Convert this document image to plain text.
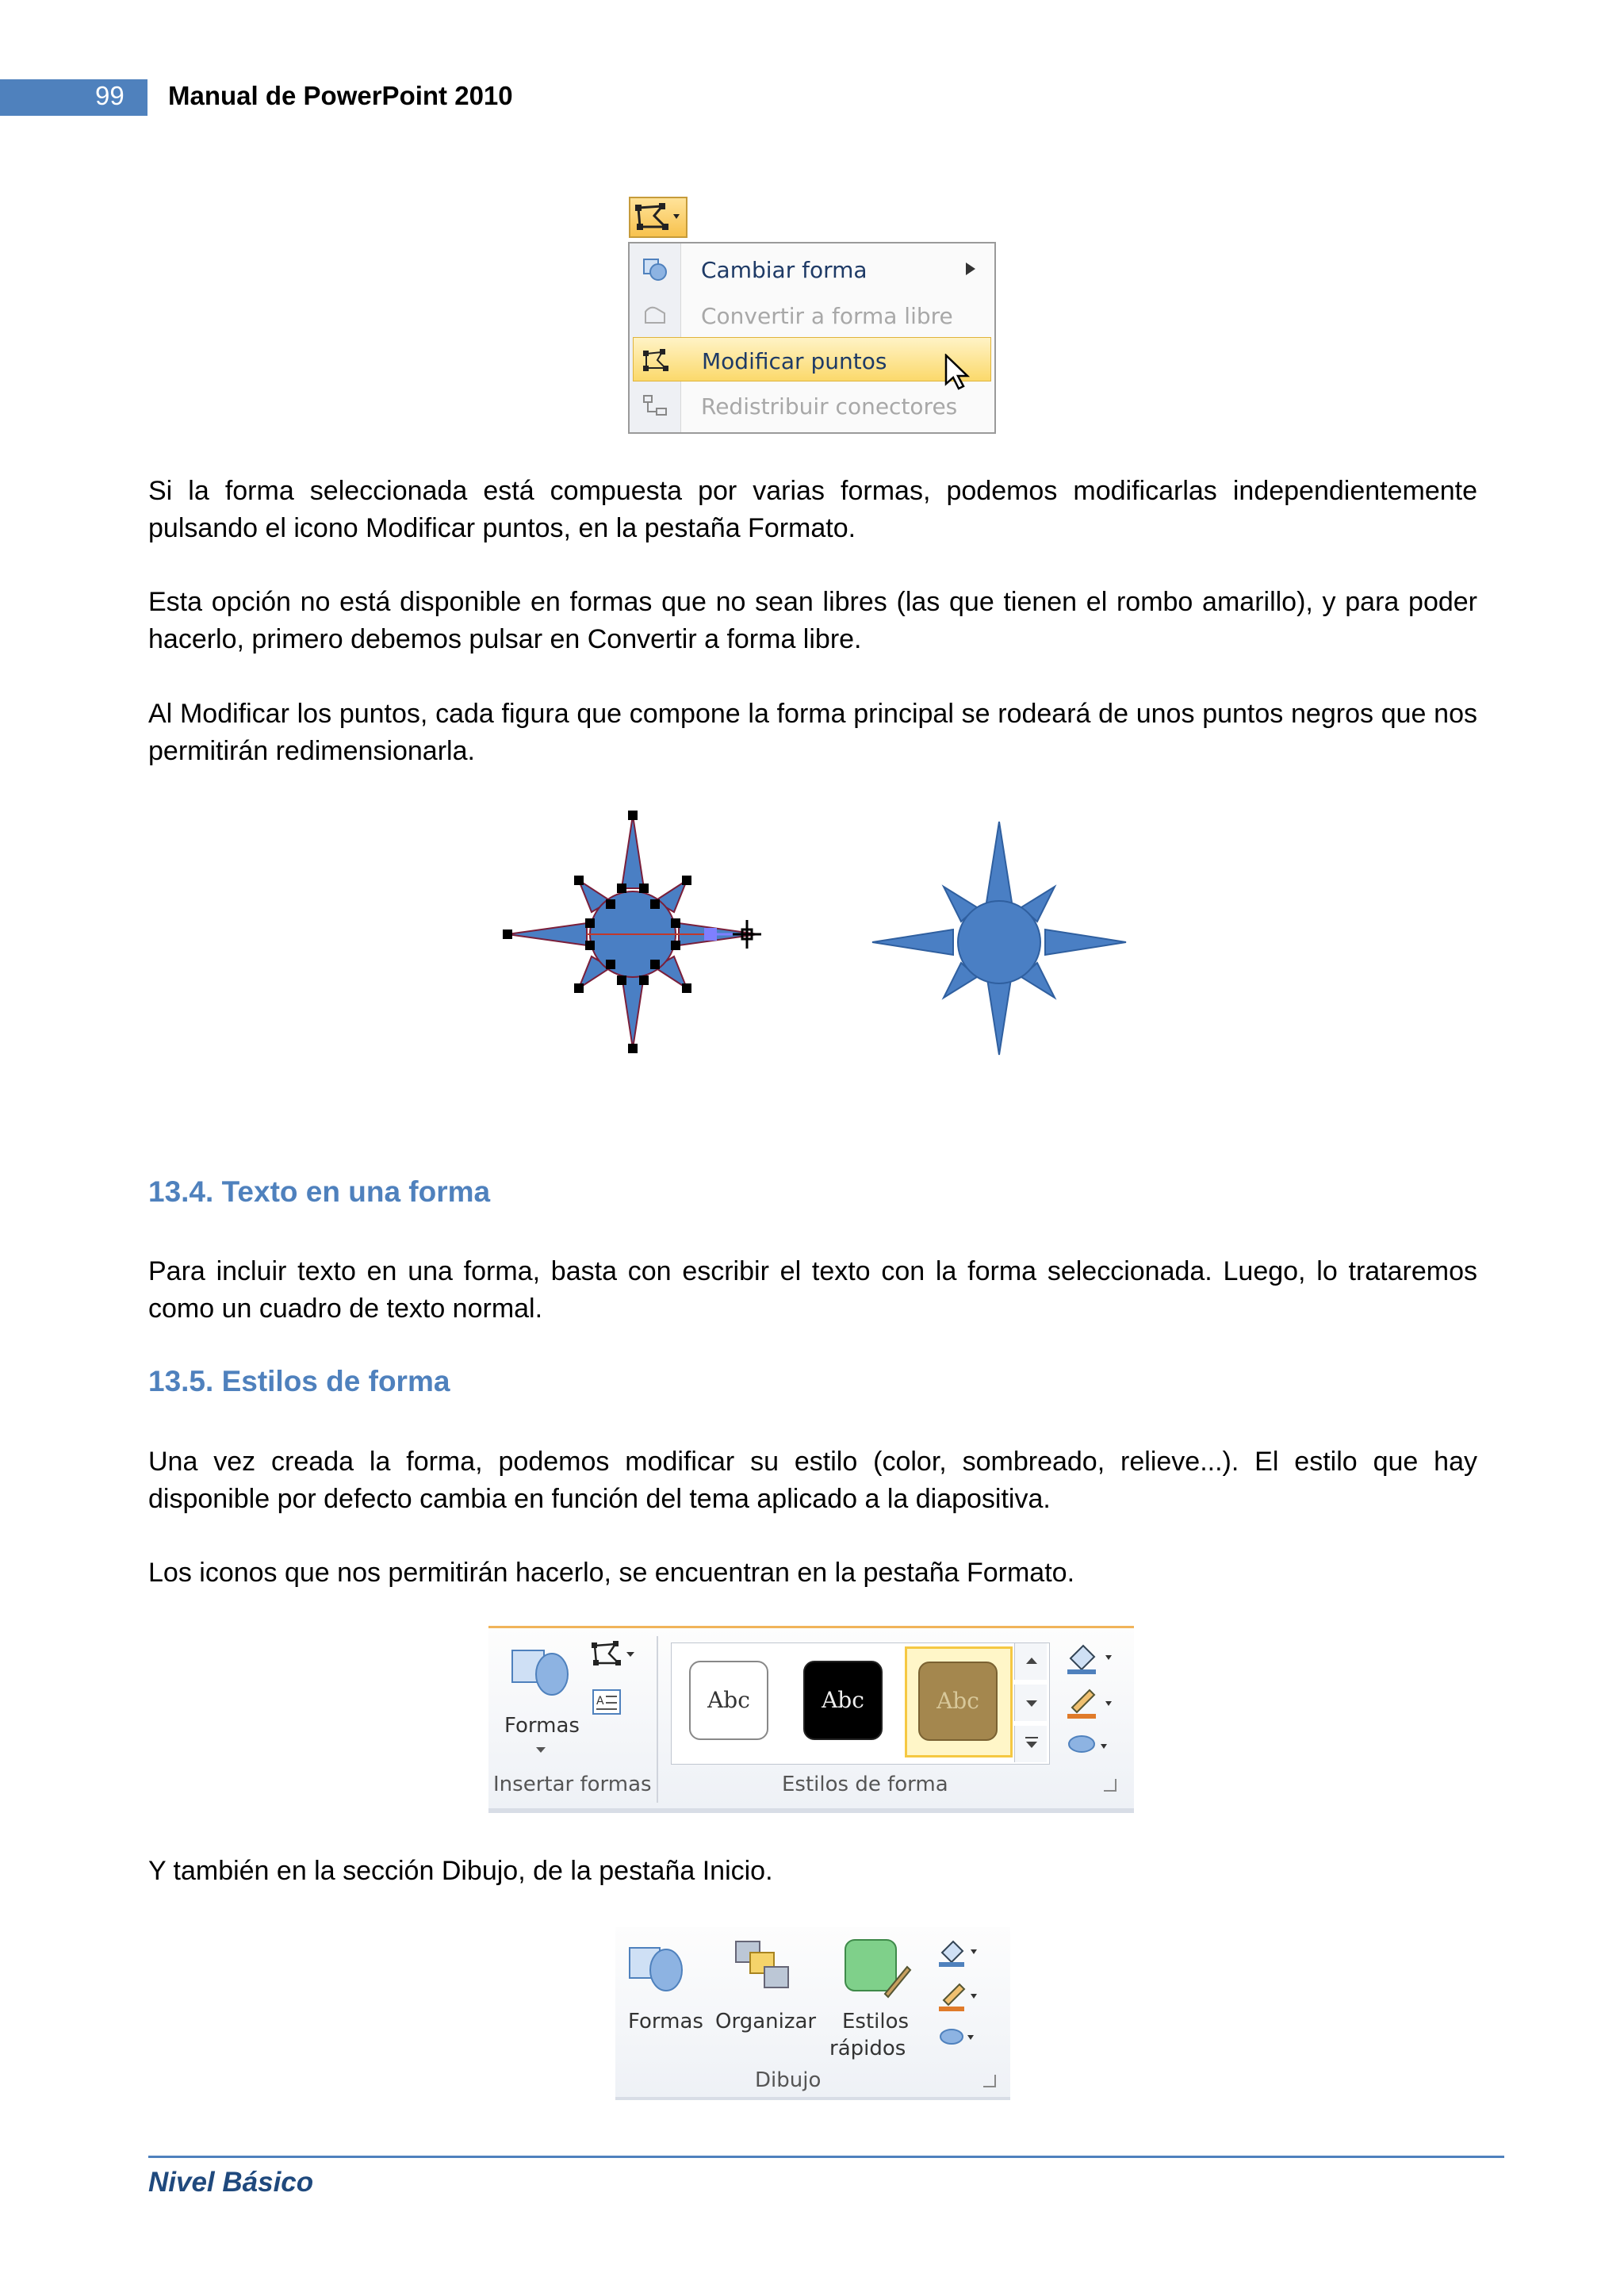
99 Manual de PowerPoint 2010
Cambiar forma
Convertir a forma libre
Modificar puntos
Redistribuir conectores

Si la forma seleccionada está compuesta por varias formas, podemos modificarlas independientemente pulsando el icono Modificar puntos, en la pestaña Formato.

Esta opción no está disponible en formas que no sean libres (las que tienen el rombo amarillo), y para poder hacerlo, primero debemos pulsar en Convertir a forma libre.

Al Modificar los puntos, cada figura que compone la forma principal se rodeará de unos puntos negros que nos permitirán redimensionarla.

13.4. Texto en una forma

Para incluir texto en una forma, basta con escribir el texto con la forma seleccionada. Luego, lo trataremos como un cuadro de texto normal.

13.5. Estilos de forma

Una vez creada la forma, podemos modificar su estilo (color, sombreado, relieve...). El estilo que hay disponible por defecto cambia en función del tema aplicado a la diapositiva.

Los iconos que nos permitirán hacerlo, se encuentran en la pestaña Formato.

Formas
A
Insertar formas
Abc	Abc	Abc
Estilos de forma

Y también en la sección Dibujo, de la pestaña Inicio.

Formas Organizar Estilos
rápidos
Dibujo
Nivel Básico
